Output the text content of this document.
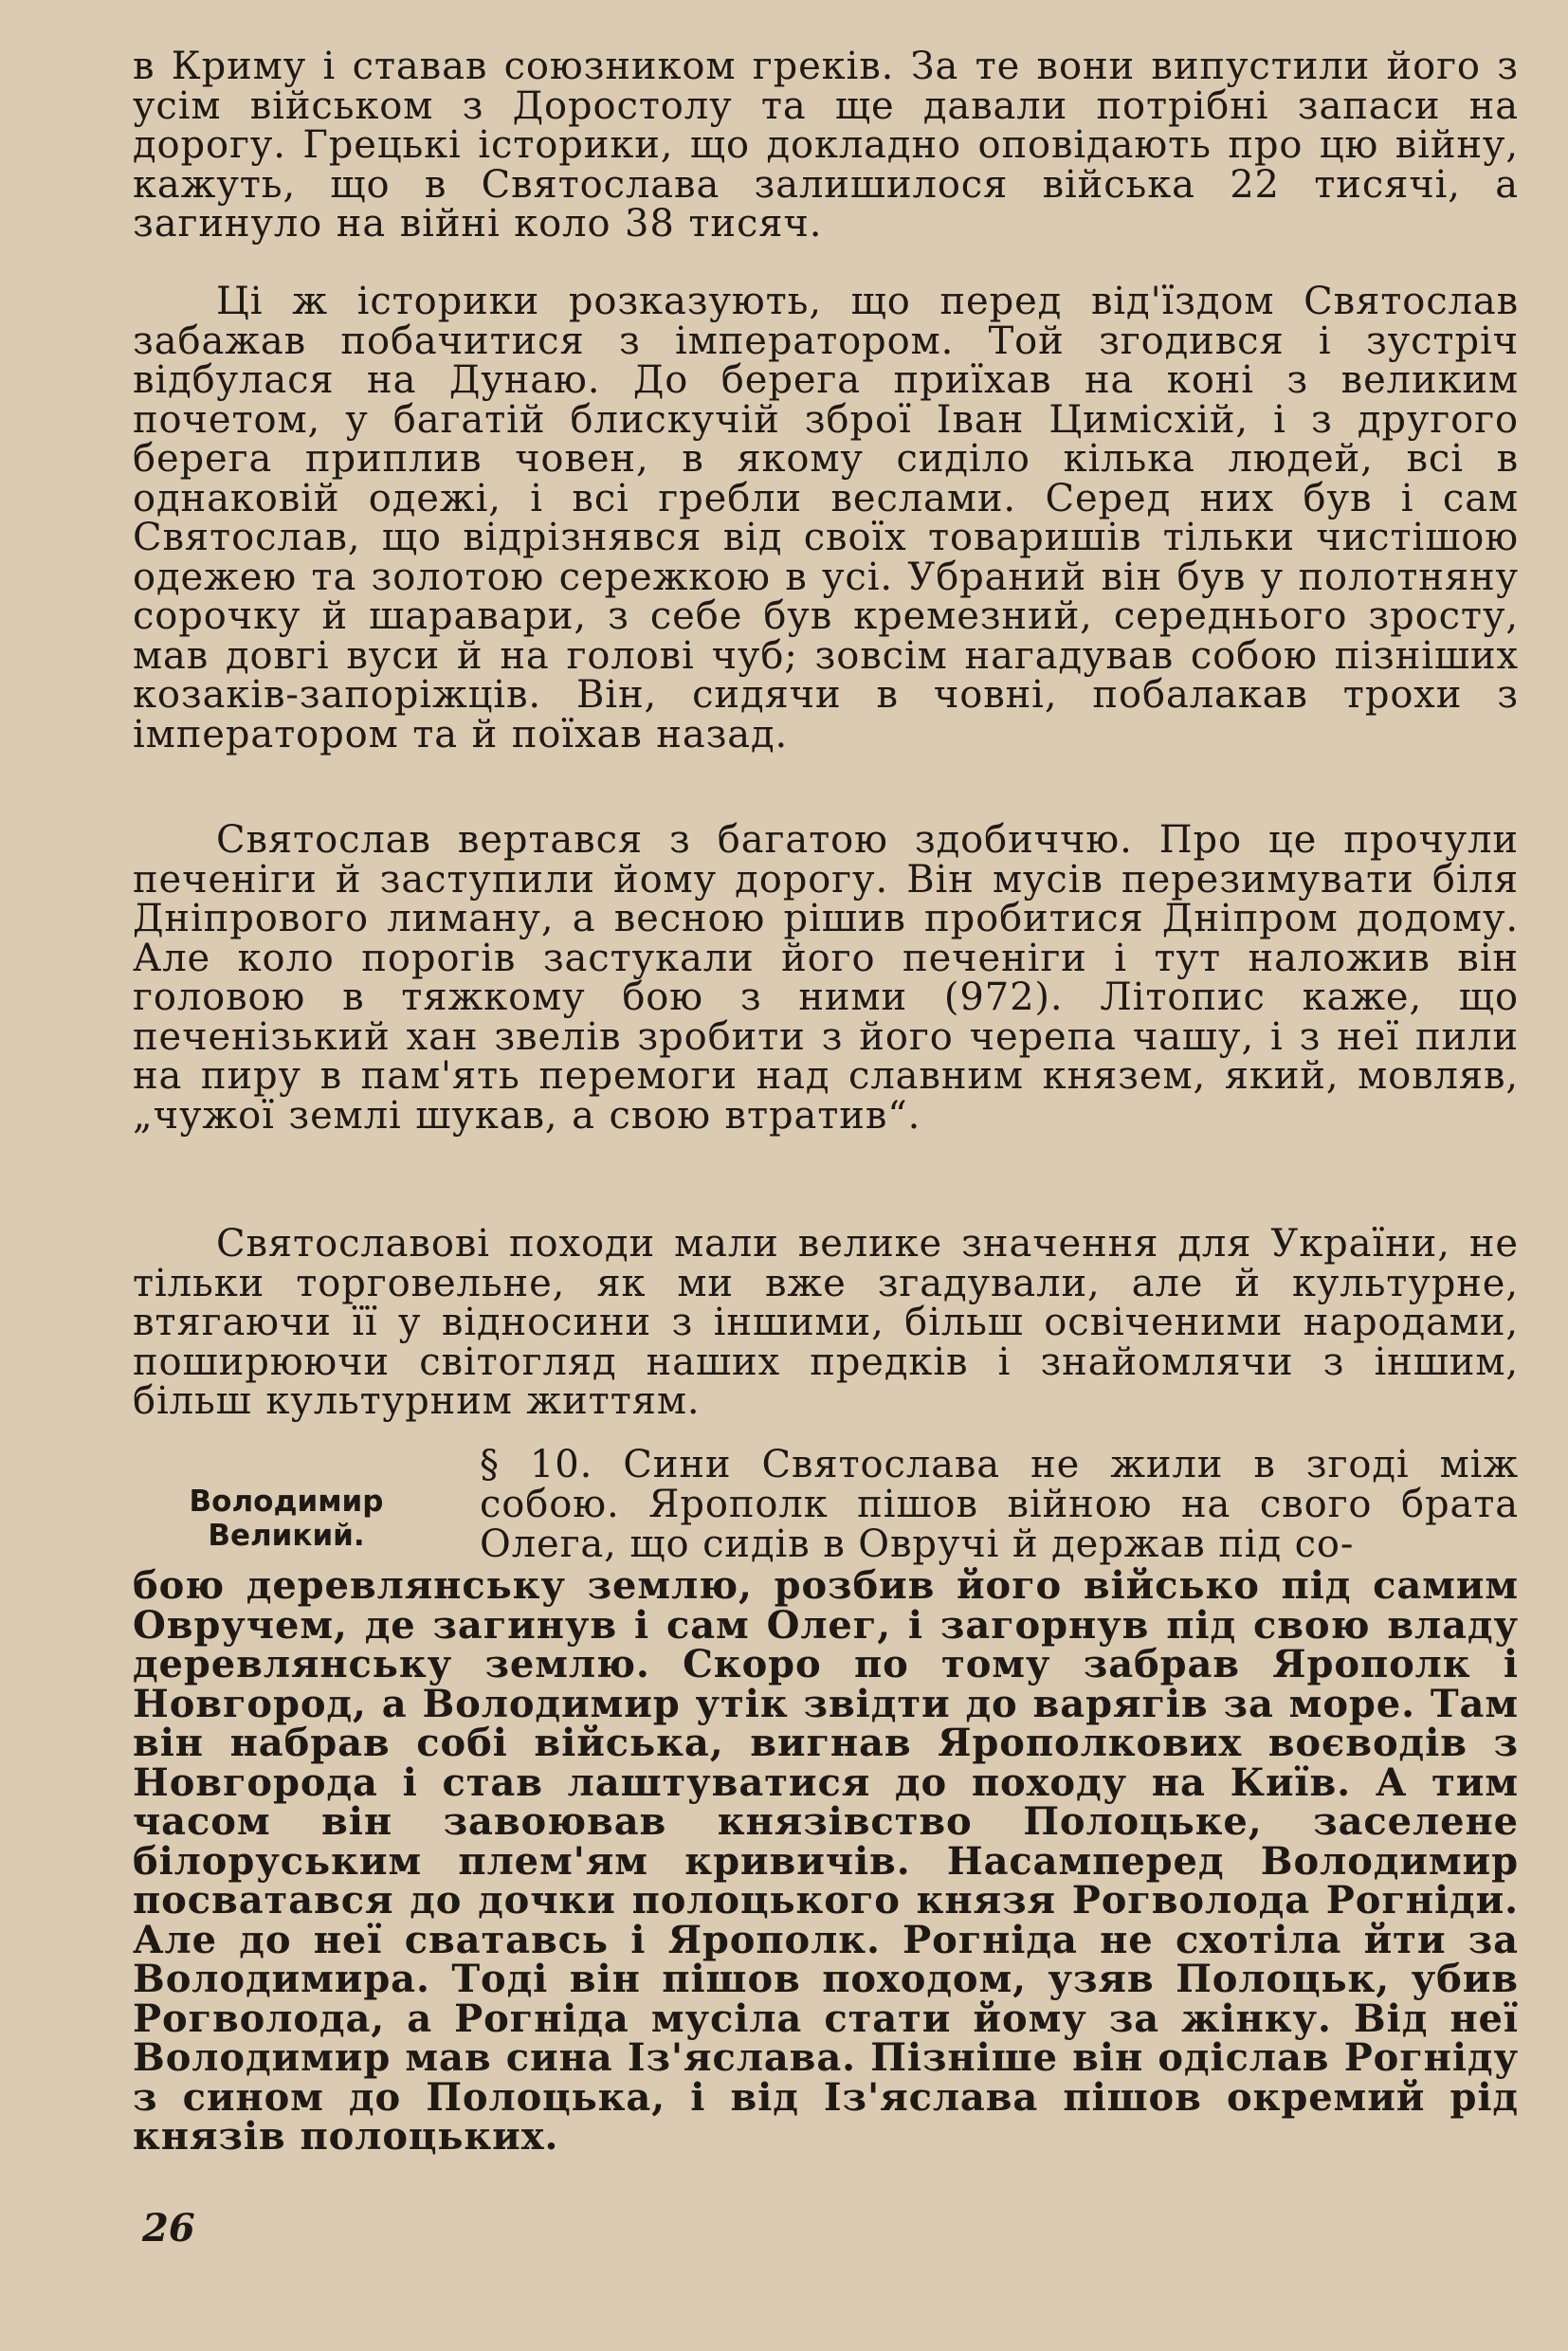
в Криму і ставав союзником греків. За те вони випустили його з усім військом з Доростолу та ще давали потрібні запаси на дорогу. Грецькі історики, що докладно оповідають про цю війну, кажуть, що в Святослава залишилося війська 22 тисячі, а загинуло на війні коло 38 тисяч.

Ці ж історики розказують, що перед від'їздом Святослав забажав побачитися з імператором. Той згодився і зустріч відбулася на Дунаю. До берега приїхав на коні з великим почетом, у багатій блискучій зброї Іван Цимісхій, і з другого берега приплив човен, в якому сиділо кілька людей, всі в однаковій одежі, і всі гребли веслами. Серед них був і сам Святослав, що відрізнявся від своїх товаришів тільки чистішою одежею та золотою сережкою в усі. Убраний він був у полотняну сорочку й шаравари, з себе був кремезний, середнього зросту, мав довгі вуси й на голові чуб; зовсім нагадував собою пізніших козаків-запоріжців. Він, сидячи в човні, побалакав трохи з імператором та й поїхав назад.

Святослав вертався з багатою здобиччю. Про це прочули печеніги й заступили йому дорогу. Він мусів перезимувати біля Дніпрового лиману, а весною рішив пробитися Дніпром додому. Але коло порогів застукали його печеніги і тут наложив він головою в тяжкому бою з ними (972). Літопис каже, що печенізький хан звелів зробити з його черепа чашу, і з неї пили на пиру в пам'ять перемоги над славним князем, який, мовляв, „чужої землі шукав, а свою втратив“.

Святославові походи мали велике значення для України, не тільки торговельне, як ми вже згадували, але й культурне, втягаючи її у відносини з іншими, більш освіченими народами, поширюючи світогляд наших предків і знайомлячи з іншим, більш культурним життям.

Володимир Великий.
§ 10. Сини Святослава не жили в згоді між собою. Ярополк пішов війною на свого брата Олега, що сидів в Овручі й держав під со-
бою деревлянську землю, розбив його військо під самим Овручем, де загинув і сам Олег, і загорнув під свою владу деревлянську землю. Скоро по тому забрав Ярополк і Новгород, а Володимир утік звідти до варягів за море. Там він набрав собі війська, вигнав Ярополкових воєводів з Новгорода і став лаштуватися до походу на Київ. А тим часом він завоював князівство Полоцьке, заселене білоруським плем'ям кривичів. Насамперед Володимир посватався до дочки полоцького князя Рогволода Рогніди. Але до неї сватавсь і Ярополк. Рогніда не схотіла йти за Володимира. Тоді він пішов походом, узяв Полоцьк, убив Рогволода, а Рогніда мусіла стати йому за жінку. Від неї Володимир мав сина Із'яслава. Пізніше він одіслав Рогніду з сином до Полоцька, і від Із'яслава пішов окремий рід князів полоцьких.
26
